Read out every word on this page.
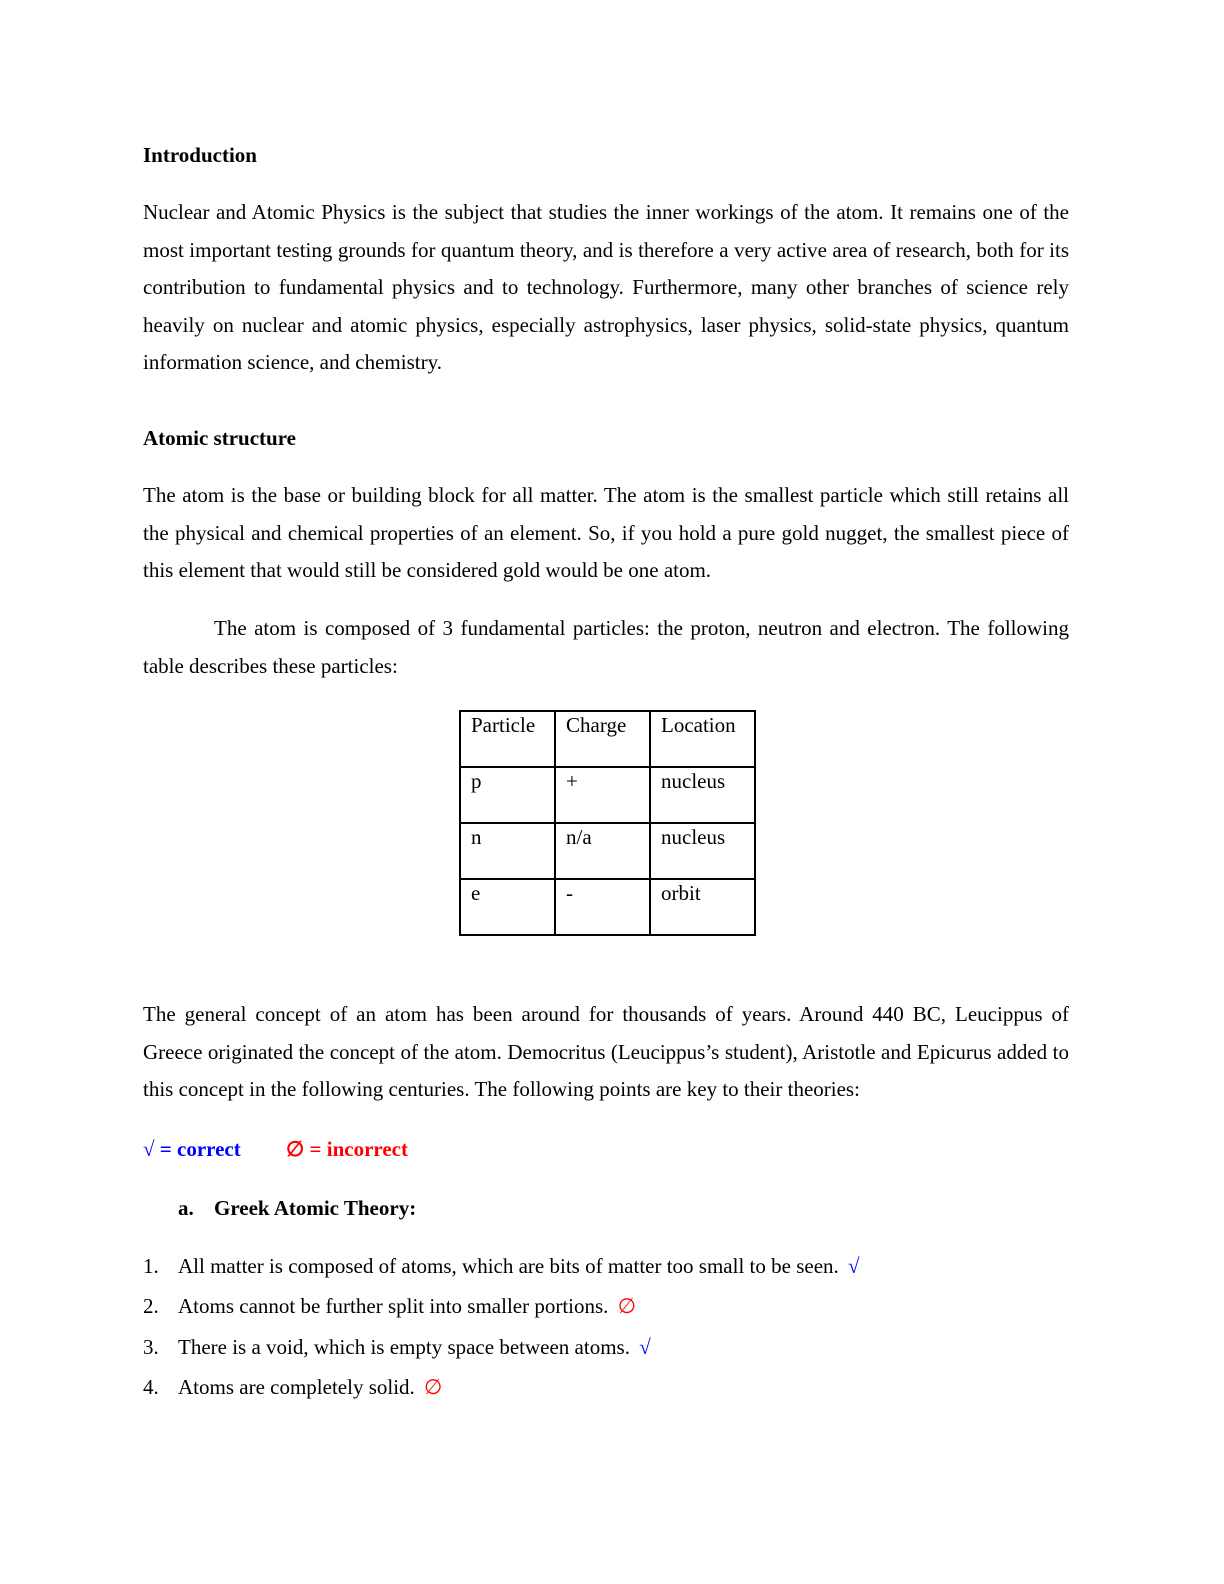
Introduction

Nuclear and Atomic Physics is the subject that studies the inner workings of the atom. It remains one of the most important testing grounds for quantum theory, and is therefore a very active area of research, both for its contribution to fundamental physics and to technology. Furthermore, many other branches of science rely heavily on nuclear and atomic physics, especially astrophysics, laser physics, solid-state physics, quantum information science, and chemistry.

Atomic structure

The atom is the base or building block for all matter. The atom is the smallest particle which still retains all the physical and chemical properties of an element. So, if you hold a pure gold nugget, the smallest piece of this element that would still be considered gold would be one atom.

The atom is composed of 3 fundamental particles: the proton, neutron and electron. The following table describes these particles:

Particle	Charge	Location
p	+	nucleus
n	n/a	nucleus
e	-	orbit

The general concept of an atom has been around for thousands of years. Around 440 BC, Leucippus of Greece originated the concept of the atom. Democritus (Leucippus’s student), Aristotle and Epicurus added to this concept in the following centuries. The following points are key to their theories:

√ = correct ∅ = incorrect
a. Greek Atomic Theory:
1. All matter is composed of atoms, which are bits of matter too small to be seen. √
2. Atoms cannot be further split into smaller portions. ∅
3. There is a void, which is empty space between atoms. √
4. Atoms are completely solid. ∅
